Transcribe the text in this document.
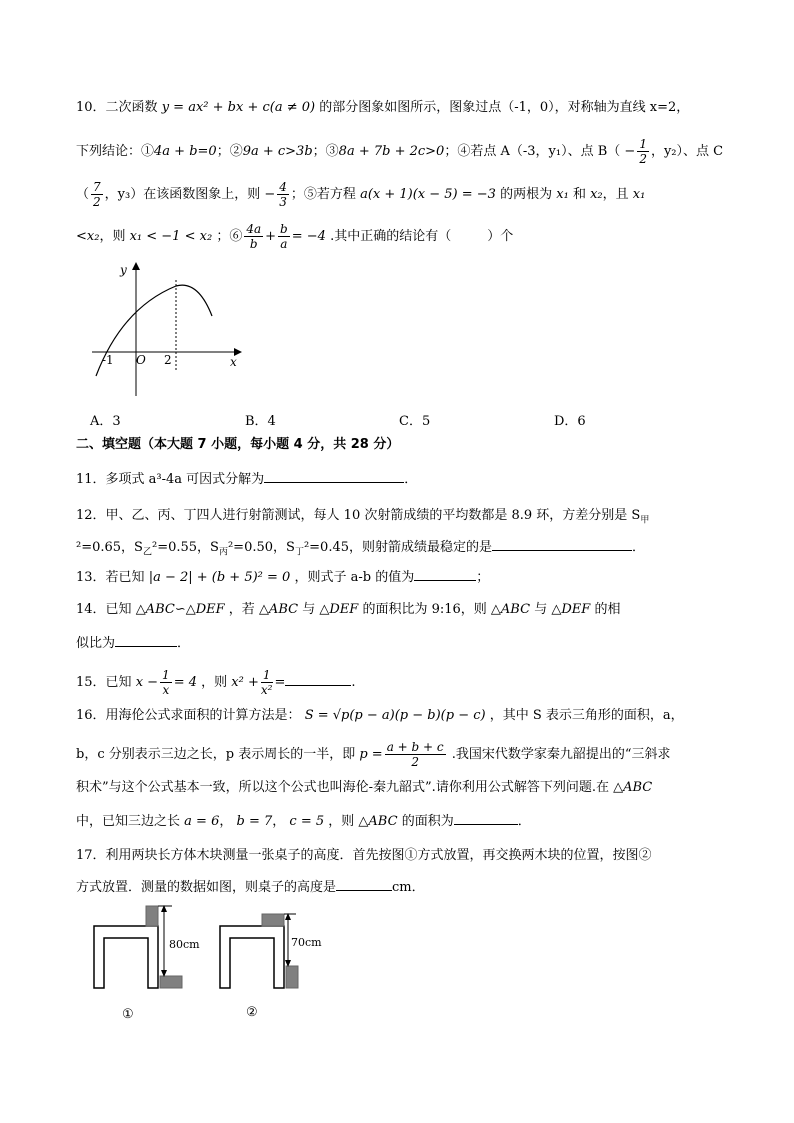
10．二次函数 y = ax² + bx + c(a ≠ 0) 的部分图象如图所示，图象过点（-1，0），对称轴为直线 x=2，
下列结论：①4a + b=0；②9a + c>3b；③8a + 7b + 2c>0；④若点 A（-3，y₁）、点 $B( - \frac{1}{2}$ ，y₂）、点 C
（ $\frac{7}{2}$ ，y₃）在该函数图象上，则 − $\frac{4}{3}$ ；⑤若方程 a(x + 1)(x − 5) = −3 的两根为 x₁ 和 x₂，且 x₁
<x₂，则 x₁ < −1 < x₂ ；⑥ $\frac{4a}{b} + \frac{b}{a} = -4$ .其中正确的结论有（	）个
y
x
-1 O 2
A．3	B．4	C．5	D．6
二、填空题（本大题 7 小题，每小题 4 分，共 28 分）
11．多项式 a³-4a 可因式分解为	．
12．甲、乙、丙、丁四人进行射箭测试，每人 10 次射箭成绩的平均数都是 8.9 环，方差分别是 $S_甲$
²=0.65，$S_乙^2=0.55$，$S_丙^2=0.50$，$S_丁^2=0.45$，则射箭成绩最稳定的是	．
13．若已知 |a − 2| + (b + 5)² = 0 ，则式子 a-b 的值为	；
14．已知 △ABC∽△DEF ，若 △ABC 与 △DEF 的面积比为 9:16，则 △ABC 与 △DEF 的相
似比为	．
15．已知 $x - \frac{1}{x} = 4$ ，则 $x^2 + \frac{1}{\text{x²}}$ =	.
16．用海伦公式求面积的计算方法是： S = √p(p − a)(p − b)(p − c) ，其中 S 表示三角形的面积，a，
b，c 分别表示三边之长，p 表示周长的一半，即 $p = \frac{a + b + c}{2}$ .我国宋代数学家秦九韶提出的“三斜求
积术”与这个公式基本一致，所以这个公式也叫海伦-秦九韶式”.请你利用公式解答下列问题.在 △ABC
中，已知三边之长 a = 6， b = 7， c = 5 ，则 △ABC 的面积为	．
17．利用两块长方体木块测量一张桌子的高度．首先按图①方式放置，再交换两木块的位置，按图②
方式放置．测量的数据如图，则桌子的高度是	cm．
80cm
①
70cm
②
